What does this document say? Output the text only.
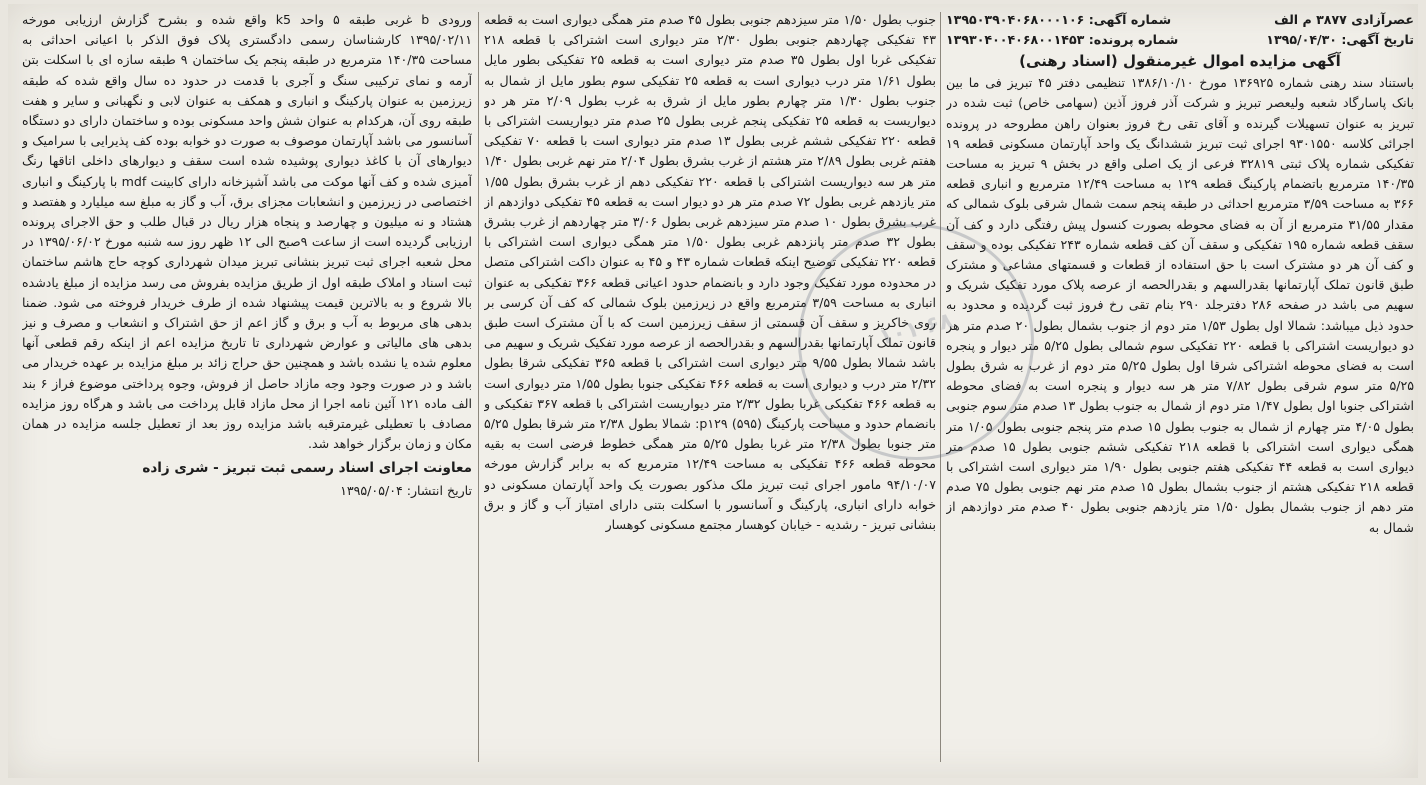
عصرآزادی ۳۸۷۷ م الف
شماره آگهی: ۱۳۹۵۰۳۹۰۴۰۶۸۰۰۰۱۰۶
تاریخ آگهی: ۱۳۹۵/۰۴/۳۰
شماره پرونده: ۱۳۹۳۰۴۰۰۴۰۶۸۰۰۱۴۵۳
آگهی مزایده اموال غیرمنقول (اسناد رهنی)

باستناد سند رهنی شماره ۱۳۶۹۲۵ مورخ ۱۳۸۶/۱۰/۱۰ تنظیمی دفتر ۴۵ تبریز فی ما بین بانک پاسارگاد شعبه ولیعصر تبریز و شرکت آذر فروز آذین (سهامی خاص) ثبت شده در تبریز به عنوان تسهیلات گیرنده و آقای تقی رخ فروز بعنوان راهن مطروحه در پرونده اجرائی کلاسه ۹۳۰۱۵۵۰ اجرای ثبت تبریز ششدانگ یک واحد آپارتمان مسکونی قطعه ۱۹ تفکیکی شماره پلاک ثبتی ۳۲۸۱۹ فرعی از یک اصلی واقع در بخش ۹ تبریز به مساحت ۱۴۰/۳۵ مترمربع باتضمام پارکینگ قطعه ۱۲۹ به مساحت ۱۲/۴۹ مترمربع و انباری قطعه ۳۶۶ به مساحت ۳/۵۹ مترمربع احداثی در طبقه پنجم سمت شمال شرقی بلوک شمالی که مقدار ۳۱/۵۵ مترمربع از آن به فضای محوطه بصورت کنسول پیش رفتگی دارد و کف آن سقف قطعه شماره ۱۹۵ تفکیکی و سقف آن کف قطعه شماره ۲۴۳ تفکیکی بوده و سقف و کف آن هر دو مشترک است با حق استفاده از قطعات و قسمتهای مشاعی و مشترک طبق قانون تملک آپارتمانها بقدرالسهم و بقدرالحصه از عرصه پلاک مورد تفکیک شریک و سهیم می باشد در صفحه ۲۸۶ دفترجلد ۲۹۰ بنام تقی رخ فروز ثبت گردیده و محدود به حدود ذیل میباشد: شمالا اول بطول ۱/۵۳ متر دوم از جنوب بشمال بطول ۲۰ صدم متر هر دو دیواریست اشتراکی با قطعه ۲۲۰ تفکیکی سوم شمالی بطول ۵/۲۵ متر دیوار و پنجره است به فضای محوطه اشتراکی شرقا اول بطول ۵/۲۵ متر دوم از غرب به شرق بطول ۵/۲۵ متر سوم شرقی بطول ۷/۸۲ متر هر سه دیوار و پنجره است به فضای محوطه اشتراکی جنوبا اول بطول ۱/۴۷ متر دوم از شمال به جنوب بطول ۱۳ صدم متر سوم جنوبی بطول ۴/۰۵ متر چهارم از شمال به جنوب بطول ۱۵ صدم متر پنجم جنوبی بطول ۱/۰۵ متر همگی دیواری است اشتراکی با قطعه ۲۱۸ تفکیکی ششم جنوبی بطول ۱۵ صدم متر دیواری است به قطعه ۴۴ تفکیکی هفتم جنوبی بطول ۱/۹۰ متر دیواری است اشتراکی با قطعه ۲۱۸ تفکیکی هشتم از جنوب بشمال بطول ۱۵ صدم متر نهم جنوبی بطول ۷۵ صدم متر دهم از جنوب بشمال بطول ۱/۵۰ متر یازدهم جنوبی بطول ۴۰ صدم متر دوازدهم از شمال به

جنوب بطول ۱/۵۰ متر سیزدهم جنوبی بطول ۴۵ صدم متر همگی دیواری است به قطعه ۴۳ تفکیکی چهاردهم جنوبی بطول ۲/۳۰ متر دیواری است اشتراکی با قطعه ۲۱۸ تفکیکی غربا اول بطول ۳۵ صدم متر دیواری است به قطعه ۲۵ تفکیکی بطور مایل بطول ۱/۶۱ متر درب دیواری است به قطعه ۲۵ تفکیکی سوم بطور مایل از شمال به جنوب بطول ۱/۳۰ متر چهارم بطور مایل از شرق به غرب بطول ۲/۰۹ متر هر دو دیواریست به قطعه ۲۵ تفکیکی پنجم غربی بطول ۲۵ صدم متر دیواریست اشتراکی با قطعه ۲۲۰ تفکیکی ششم غربی بطول ۱۳ صدم متر دیواری است با قطعه ۷۰ تفکیکی هفتم غربی بطول ۲/۸۹ متر هشتم از غرب بشرق بطول ۲/۰۴ متر نهم غربی بطول ۱/۴۰ متر هر سه دیواریست اشتراکی با قطعه ۲۲۰ تفکیکی دهم از غرب بشرق بطول ۱/۵۵ متر یازدهم غربی بطول ۷۲ صدم متر هر دو دیوار است به قطعه ۴۵ تفکیکی دوازدهم از غرب بشرق بطول ۱۰ صدم متر سیزدهم غربی بطول ۳/۰۶ متر چهاردهم از غرب بشرق بطول ۳۲ صدم متر پانزدهم غربی بطول ۱/۵۰ متر همگی دیواری است اشتراکی با قطعه ۲۲۰ تفکیکی توضیح اینکه قطعات شماره ۴۳ و ۴۵ به عنوان داکت اشتراکی متصل در محدوده مورد تفکیک وجود دارد و بانضمام حدود اعیانی قطعه ۳۶۶ تفکیکی به عنوان انباری به مساحت ۳/۵۹ مترمربع واقع در زیرزمین بلوک شمالی که کف آن کرسی بر روی خاکریز و سقف آن قسمتی از سقف زیرزمین است که با آن مشترک است طبق قانون تملک آپارتمانها بقدرالسهم و بقدرالحصه از عرصه مورد تفکیک شریک و سهیم می باشد شمالا بطول ۹/۵۵ متر دیواری است اشتراکی با قطعه ۳۶۵ تفکیکی شرقا بطول ۲/۳۲ متر درب و دیواری است به قطعه ۴۶۶ تفکیکی جنوبا بطول ۱/۵۵ متر دیواری است به قطعه ۴۶۶ تفکیکی غربا بطول ۲/۳۲ متر دیواریست اشتراکی با قطعه ۳۶۷ تفکیکی و بانضمام حدود و مساحت پارکینگ p۱۲۹ (۵۹۵): شمالا بطول ۲/۳۸ متر شرقا بطول ۵/۲۵ متر جنوبا بطول ۲/۳۸ متر غربا بطول ۵/۲۵ متر همگی خطوط فرضی است به بقیه محوطه قطعه ۴۶۶ تفکیکی به مساحت ۱۲/۴۹ مترمربع که به برابر گزارش مورخه ۹۴/۱۰/۰۷ مامور اجرای ثبت تبریز ملک مذکور بصورت یک واحد آپارتمان مسکونی دو خوابه دارای انباری، پارکینگ و آسانسور با اسکلت بتنی دارای امتیاز آب و گاز و برق بنشانی تبریز - رشدیه - خیابان کوهسار مجتمع مسکونی کوهسار

ورودی b غربی طبقه ۵ واحد k5 واقع شده و بشرح گزارش ارزیابی مورخه ۱۳۹۵/۰۲/۱۱ کارشناسان رسمی دادگستری پلاک فوق الذکر با اعیانی احداثی به مساحت ۱۴۰/۳۵ مترمربع در طبقه پنجم یک ساختمان ۹ طبقه سازه ای با اسکلت بتن آرمه و نمای ترکیبی سنگ و آجری با قدمت در حدود ده سال واقع شده که طبقه زیرزمین به عنوان پارکینگ و انباری و همکف به عنوان لابی و نگهبانی و سایر و هفت طبقه روی آن، هرکدام به عنوان شش واحد مسکونی بوده و ساختمان دارای دو دستگاه آسانسور می باشد آپارتمان موصوف به صورت دو خوابه بوده کف پذیرایی با سرامیک و دیوارهای آن با کاغذ دیواری پوشیده شده است سقف و دیوارهای داخلی اتاقها رنگ آمیزی شده و کف آنها موکت می باشد آشپزخانه دارای کابینت mdf با پارکینگ و انباری اختصاصی در زیرزمین و انشعابات مجزای برق، آب و گاز به مبلغ سه میلیارد و هفتصد و هشتاد و نه میلیون و چهارصد و پنجاه هزار ریال در قبال طلب و حق الاجرای پرونده ارزیابی گردیده است از ساعت ۹صبح الی ۱۲ ظهر روز سه شنبه مورخ ۱۳۹۵/۰۶/۰۲ در محل شعبه اجرای ثبت تبریز بنشانی تبریز میدان شهرداری کوچه حاج هاشم ساختمان ثبت اسناد و املاک طبقه اول از طریق مزایده بفروش می رسد مزایده از مبلغ یادشده بالا شروع و به بالاترین قیمت پیشنهاد شده از طرف خریدار فروخته می شود. ضمنا بدهی های مربوط به آب و برق و گاز اعم از حق اشتراک و انشعاب و مصرف و نیز بدهی های مالیاتی و عوارض شهرداری تا تاریخ مزایده اعم از اینکه رقم قطعی آنها معلوم شده یا نشده باشد و همچنین حق حراج زائد بر مبلغ مزایده بر عهده خریدار می باشد و در صورت وجود وجه مازاد حاصل از فروش، وجوه پرداختی موضوع فراز ۶ بند الف ماده ۱۲۱ آئین نامه اجرا از محل مازاد قابل پرداخت می باشد و هرگاه روز مزایده مصادف با تعطیلی غیرمترقبه باشد مزایده روز بعد از تعطیل جلسه مزایده در همان مکان و زمان برگزار خواهد شد.

معاونت اجرای اسناد رسمی ثبت تبریز - شری زاده
تاریخ انتشار: ۱۳۹۵/۰۵/۰۴
۱۰۱ ۶۸
